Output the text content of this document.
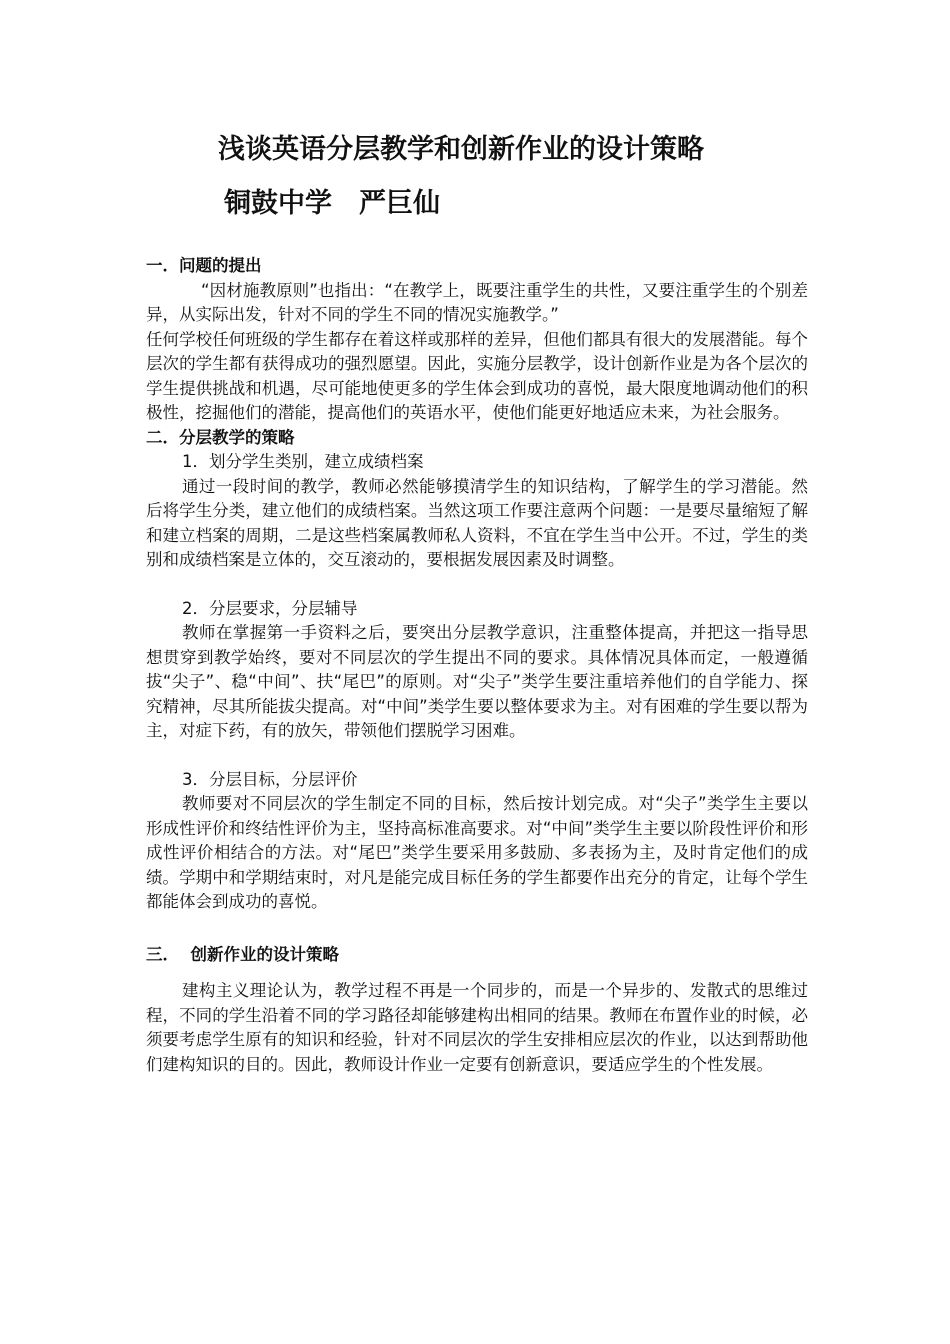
浅谈英语分层教学和创新作业的设计策略
铜鼓中学　严巨仙
一．问题的提出

“因材施教原则”也指出：“在教学上，既要注重学生的共性，又要注重学生的个别差异，从实际出发，针对不同的学生不同的情况实施教学。”

任何学校任何班级的学生都存在着这样或那样的差异，但他们都具有很大的发展潜能。每个层次的学生都有获得成功的强烈愿望。因此，实施分层教学，设计创新作业是为各个层次的学生提供挑战和机遇，尽可能地使更多的学生体会到成功的喜悦，最大限度地调动他们的积极性，挖掘他们的潜能，提高他们的英语水平，使他们能更好地适应未来，为社会服务。

二．分层教学的策略
1．划分学生类别，建立成绩档案

通过一段时间的教学，教师必然能够摸清学生的知识结构，了解学生的学习潜能。然后将学生分类，建立他们的成绩档案。当然这项工作要注意两个问题：一是要尽量缩短了解和建立档案的周期，二是这些档案属教师私人资料，不宜在学生当中公开。不过，学生的类别和成绩档案是立体的，交互滚动的，要根据发展因素及时调整。

2．分层要求，分层辅导

教师在掌握第一手资料之后，要突出分层教学意识，注重整体提高，并把这一指导思想贯穿到教学始终，要对不同层次的学生提出不同的要求。具体情况具体而定，一般遵循拔“尖子”、稳“中间”、扶“尾巴”的原则。对“尖子”类学生要注重培养他们的自学能力、探究精神，尽其所能拔尖提高。对“中间”类学生要以整体要求为主。对有困难的学生要以帮为主，对症下药，有的放矢，带领他们摆脱学习困难。

3．分层目标，分层评价

教师要对不同层次的学生制定不同的目标，然后按计划完成。对“尖子”类学生主要以形成性评价和终结性评价为主，坚持高标准高要求。对“中间”类学生主要以阶段性评价和形成性评价相结合的方法。对“尾巴”类学生要采用多鼓励、多表扬为主，及时肯定他们的成绩。学期中和学期结束时，对凡是能完成目标任务的学生都要作出充分的肯定，让每个学生都能体会到成功的喜悦。

三．  创新作业的设计策略

建构主义理论认为，教学过程不再是一个同步的，而是一个异步的、发散式的思维过程，不同的学生沿着不同的学习路径却能够建构出相同的结果。教师在布置作业的时候，必须要考虑学生原有的知识和经验，针对不同层次的学生安排相应层次的作业，以达到帮助他们建构知识的目的。因此，教师设计作业一定要有创新意识，要适应学生的个性发展。
